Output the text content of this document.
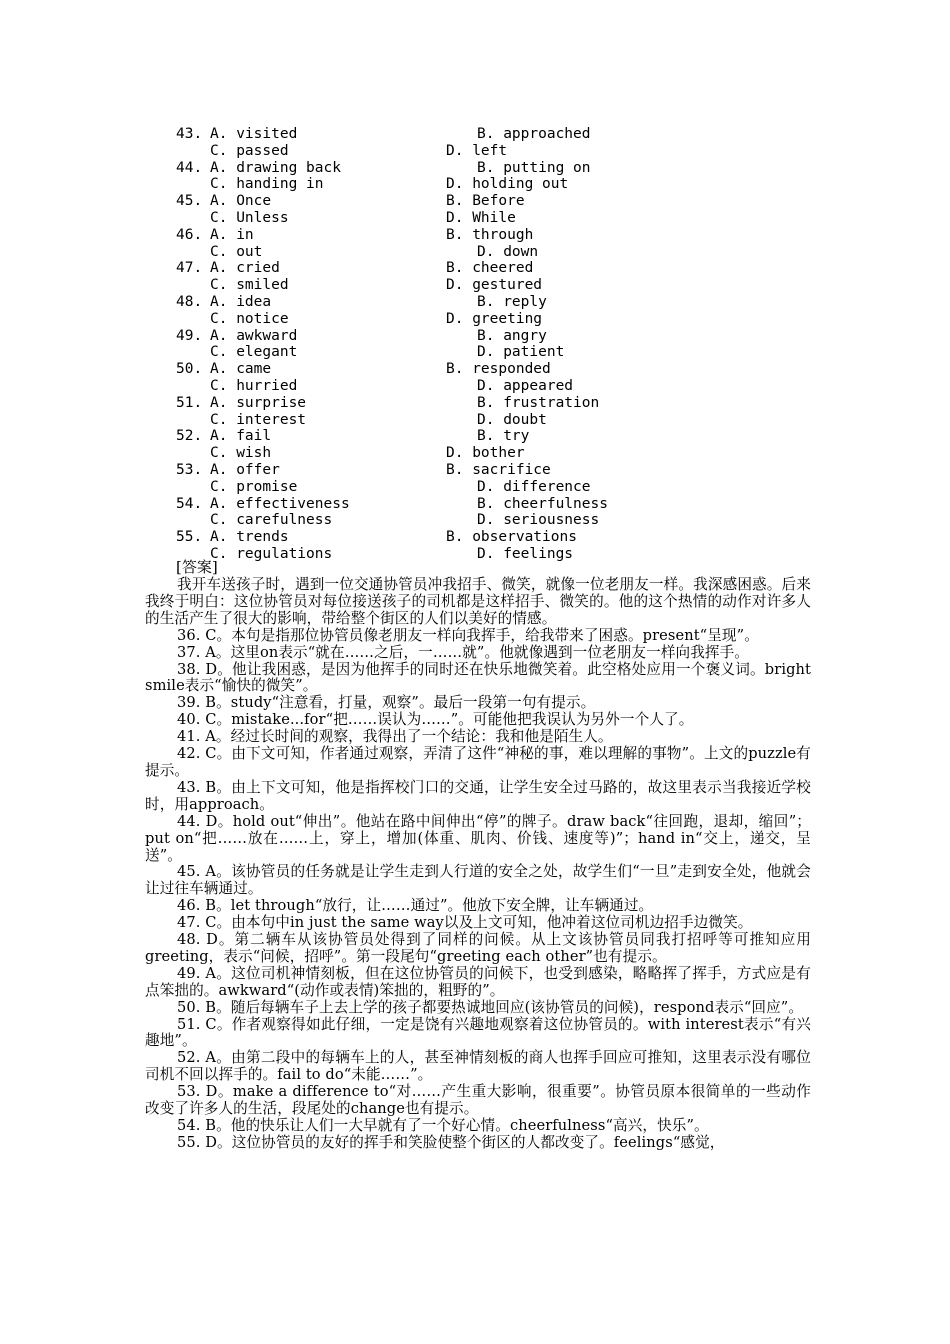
43. A. visited	B. approached
C. passed	D. left
44. A. drawing back	B. putting on
C. handing in	D. holding out
45. A. Once	B. Before
C. Unless	D. While
46. A. in	B. through
C. out	D. down
47. A. cried	B. cheered
C. smiled	D. gestured
48. A. idea	B. reply
C. notice	D. greeting
49. A. awkward	B. angry
C. elegant	D. patient
50. A. came	B. responded
C. hurried	D. appeared
51. A. surprise	B. frustration
C. interest	D. doubt
52. A. fail	B. try
C. wish	D. bother
53. A. offer	B. sacrifice
C. promise	D. difference
54. A. effectiveness	B. cheerfulness
C. carefulness	D. seriousness
55. A. trends	B. observations
C. regulations	D. feelings
[答案]

我开车送孩子时，遇到一位交通协管员冲我招手、微笑，就像一位老朋友一样。我深感困惑。后来我终于明白：这位协管员对每位接送孩子的司机都是这样招手、微笑的。他的这个热情的动作对许多人的生活产生了很大的影响，带给整个街区的人们以美好的情感。

36. C。本句是指那位协管员像老朋友一样向我挥手，给我带来了困惑。present“呈现”。

37. A。这里on表示“就在……之后，一……就”。他就像遇到一位老朋友一样向我挥手。

38. D。他让我困惑，是因为他挥手的同时还在快乐地微笑着。此空格处应用一个褒义词。bright smile表示“愉快的微笑”。

39. B。study“注意看，打量，观察”。最后一段第一句有提示。

40. C。mistake...for“把……误认为……”。可能他把我误认为另外一个人了。

41. A。经过长时间的观察，我得出了一个结论：我和他是陌生人。

42. C。由下文可知，作者通过观察，弄清了这件“神秘的事，难以理解的事物”。上文的puzzle有提示。

43. B。由上下文可知，他是指挥校门口的交通，让学生安全过马路的，故这里表示当我接近学校时，用approach。

44. D。hold out“伸出”。他站在路中间伸出“停”的牌子。draw back“往回跑，退却，缩回”；put on“把……放在……上，穿上，增加(体重、肌肉、价钱、速度等)”；hand in“交上，递交，呈送”。

45. A。该协管员的任务就是让学生走到人行道的安全之处，故学生们“一旦”走到安全处，他就会让过往车辆通过。

46. B。let through“放行，让……通过”。他放下安全牌，让车辆通过。

47. C。由本句中in just the same way以及上文可知，他冲着这位司机边招手边微笑。

48. D。第二辆车从该协管员处得到了同样的问候。从上文该协管员同我打招呼等可推知应用greeting，表示“问候，招呼”。第一段尾句“greeting each other”也有提示。

49. A。这位司机神情刻板，但在这位协管员的问候下，也受到感染，略略挥了挥手，方式应是有点笨拙的。awkward“(动作或表情)笨拙的，粗野的”。

50. B。随后每辆车子上去上学的孩子都要热诚地回应(该协管员的问候)，respond表示“回应”。

51. C。作者观察得如此仔细，一定是饶有兴趣地观察着这位协管员的。with interest表示“有兴趣地”。

52. A。由第二段中的每辆车上的人，甚至神情刻板的商人也挥手回应可推知，这里表示没有哪位司机不回以挥手的。fail to do“未能……”。

53. D。make a difference to“对……产生重大影响，很重要”。协管员原本很简单的一些动作改变了许多人的生活，段尾处的change也有提示。

54. B。他的快乐让人们一大早就有了一个好心情。cheerfulness“高兴，快乐”。

55. D。这位协管员的友好的挥手和笑脸使整个街区的人都改变了。feelings“感觉，
